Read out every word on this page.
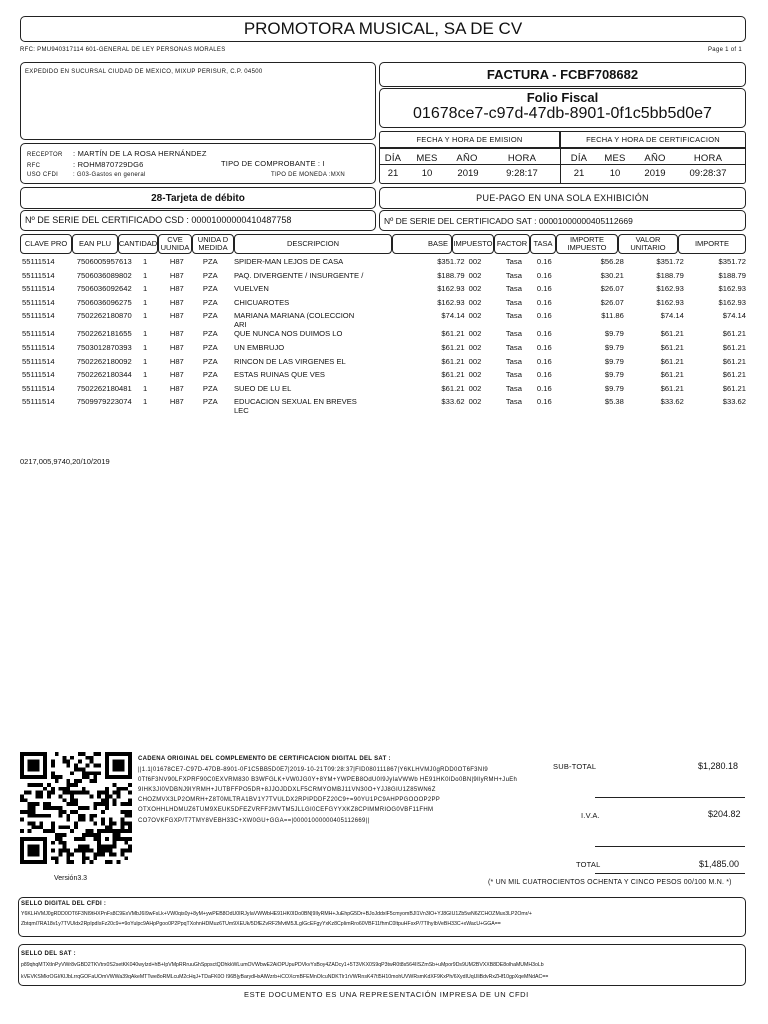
PROMOTORA MUSICAL, SA DE CV
RFC: PMU940317114 601-GENERAL DE LEY PERSONAS MORALES	Page 1 of 1
EXPEDIDO EN SUCURSAL CIUDAD DE MEXICO, MIXUP PERISUR, C.P. 04500	FACTURA - FCBF708682
Folio Fiscal
01678ce7-c97d-47db-8901-0f1c5bb5d0e7
FECHA Y HORA DE EMISION	FECHA Y HORA DE CERTIFICACION
DÍA	MES	AÑO	HORA
21	10	2019	9:28:17
DÍA	MES	AÑO	HORA
21	10	2019	09:28:37
RECEPTOR : MARTÍN DE LA ROSA HERNÁNDEZ
RFC	: ROHM870729DG6
USO CFDI : G03-Gastos en general
TIPO DE COMPROBANTE : I
TIPO DE MONEDA :MXN
28-Tarjeta de débito	PUE-PAGO EN UNA SOLA EXHIBICIÓN
Nº DE SERIE DEL CERTIFICADO CSD : 00001000000410487758	Nº DE SERIE DEL CERTIFICADO SAT : 00001000000405112669
CLAVE PRO	EAN PLU	CANTIDAD	CVE UUNIDA
UNIDA D MEDIDA	DESCRIPCION	BASE IMPUESTO FACTOR TASA	IMPORTE IMPUESTO
VALOR UNITARIO	IMPORTE
55111514	7506005957613	1	H87	PZA	SPIDER-MAN LEJOS DE CASA	$351.72	002	Tasa	0.16	$56.28	$351.72	$351.72
55111514	7506036089802	1	H87	PZA	PAQ. DIVERGENTE / INSURGENTE /	$188.79	002	Tasa	0.16	$30.21	$188.79	$188.79
55111514	7506036092642	1	H87	PZA	VUELVEN	$162.93	002	Tasa	0.16	$26.07	$162.93	$162.93
55111514	7506036096275	1	H87	PZA	CHICUAROTES	$162.93	002	Tasa	0.16	$26.07	$162.93	$162.93
55111514	7502262180870	1	H87	PZA	MARIANA MARIANA (COLECCION
ARI	$74.14	002	Tasa	0.16	$11.86	$74.14	$74.14
55111514	7502262181655	1	H87	PZA	QUE NUNCA NOS DUIMOS LO	$61.21	002	Tasa	0.16	$9.79	$61.21	$61.21
55111514	7503012870393	1	H87	PZA	UN EMBRUJO	$61.21	002	Tasa	0.16	$9.79	$61.21	$61.21
55111514	7502262180092	1	H87	PZA	RINCON DE LAS VIRGENES EL	$61.21	002	Tasa	0.16	$9.79	$61.21	$61.21
55111514	7502262180344	1	H87	PZA	ESTAS RUINAS QUE VES	$61.21	002	Tasa	0.16	$9.79	$61.21	$61.21
55111514	7502262180481	1	H87	PZA	SUEO DE LU EL	$61.21	002	Tasa	0.16	$9.79	$61.21	$61.21
55111514	7509979223074	1	H87	PZA	EDUCACION SEXUAL EN BREVES
LEC	$33.62	002	Tasa	0.16	$5.38	$33.62	$33.62
0217,005,9740,20/10/2019
CADENA ORIGINAL DEL COMPLEMENTO DE CERTIFICACION DIGITAL DEL SAT :
||1.1|01678CE7-C97D-47DB-8901-0F1C5BB5D0E7|2019-10-21T09:28:37|FID080111867|Y6KLHVMJ0gRDD0OT6F3NI9
0Tf6F3NV90LFXPRF90C0EXVRM830 B3WFGLK+VW0JG0Y+8YM+YWPEB8OdU0I9JyIaVWWb HE91HK0IDo0BN|9IlyRMH+JuEh
9IHK3JI0VDBNJ9IYRMH+JUTBFFPO5DR+8JJOJDDXLF5CRMYOMBJ11VN30O+YJJ8GIU1Z85WN6Z
CHOZMVX3LP2OMRH+Z8T0MLTRA1BV1Y7TVULDX2RPIPDDFZ20C9+=90YU1PC9AHPPGOOOP2PP
OTXOHHLHDMUZ6TUM9XEUK5DFEZVRFF2MVTM5JLLGI0CEFGYYXKZ8CPIMMRIOG0VBF11FHM
CO7OVKFGXP/T7TMY8VEBH33C+XW0GU+GGA==|00001000000405112669||
Versión3.3
SUB-TOTAL	$1,280.18
I.V.A.	$204.82
TOTAL	$1,485.00
(* UN MIL CUATROCIENTOS OCHENTA Y CINCO PESOS 00/100 M.N. *)
SELLO DIGITAL DEL CFDI :
Y6KLHVMJ0gRDD0OT6F3NI9tHXPnFs8C9ExVMbJ6I9wFsLk+VW0qis0y+8yM+ywPEB8OdU0IRJyIaVWWbHE91HK0IDo0BN|9IlyRMH+JuEhpG5Dr+BJoJddxlF5cmyomBJl1Vn3IO+YJ8GIU1Zb5wN6ZCHOZMux3LP2Omr/+
Zbtqml7RA18v1y7TVUldx2RpIpdIsFz20c9+=9oYulpc9AHpPgoo0P2PpqTXohnHDMuz6TUm9XEUk/5DfEZvRF2MvtM5JLgIGcEFgyYxKz8CpIimRro60VBF11fhmC0ltpuHFsxP/7TlhyIbVeBH33C+xWacU+GGA==
SELLO DEL SAT :
p89qhqMTXtInPyVWr8vGBD2TKVtrx0S2setKK040wyIzd+hB+IpVMpRRruuGhSppsctQDhkkWLumOVWbwE2AiOPUpuPDVkvYsBoy4ZADcy1+5T3VKX0S9qP3twR0t8s564IISZmSb+uMpor9Ds9UM2BVXXB8DE8olhaMUMH3oLb
kVEVKSMkrOGI/KIJbLrrqGOFaUOmVWWa39qAkeMTTwe8oRMLcuM2cHqJ+TDaFK0O I96B|yBarydHxAlWzrb+iCOXcmBFEMnOIcuNDKTlr1rVWRnsK47tl5H10mohUVWRsmKdXF9KxPh/6XydIUqUliBdvRxZHf10gpXqeMNdAC==
ESTE DOCUMENTO ES UNA REPRESENTACIÓN IMPRESA DE UN CFDI
